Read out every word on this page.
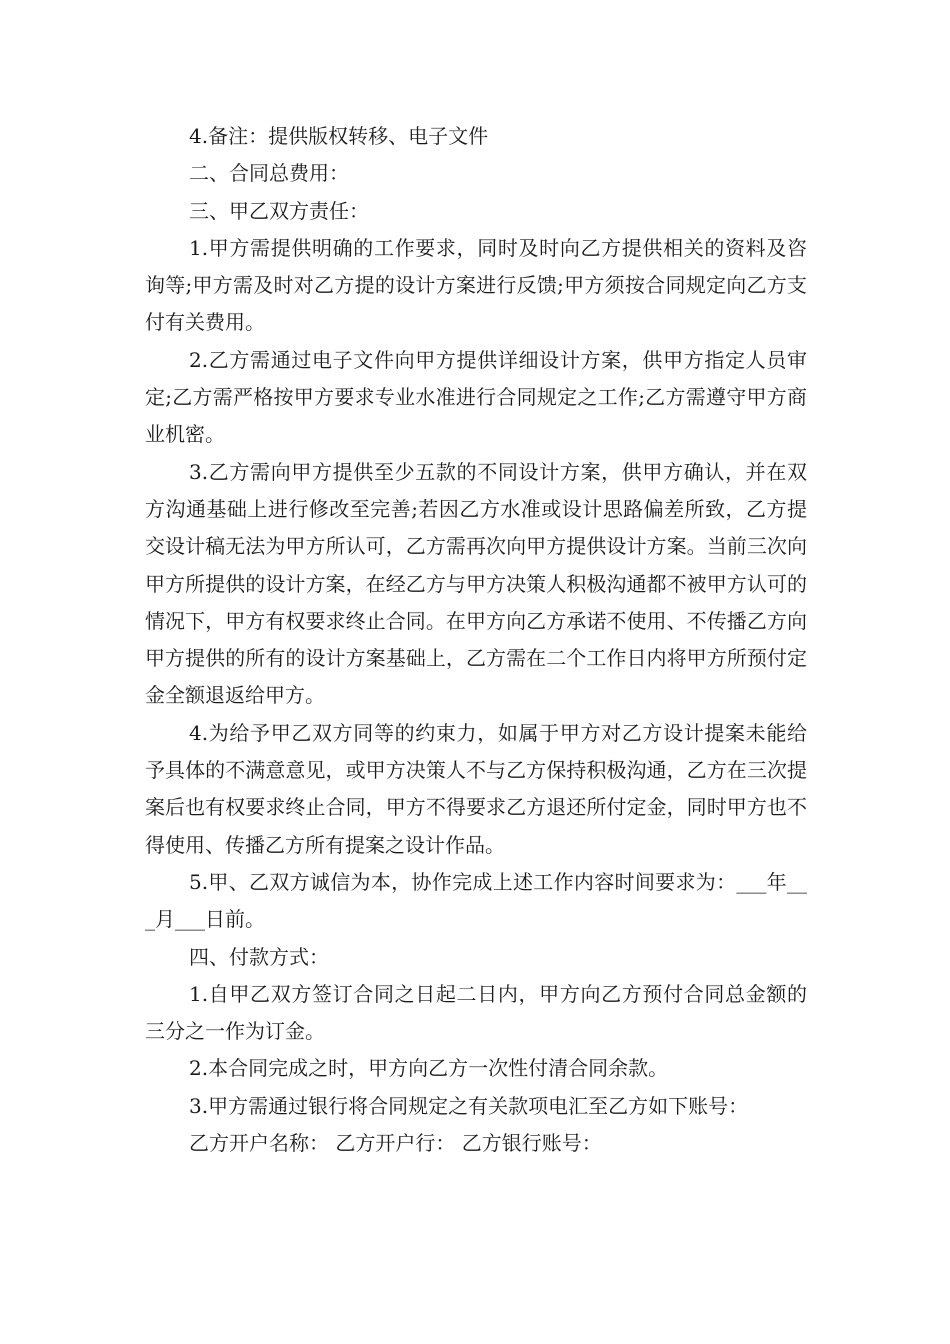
4.备注：提供版权转移、电子文件

二、合同总费用：

三、甲乙双方责任：

1.甲方需提供明确的工作要求，同时及时向乙方提供相关的资料及咨询等;甲方需及时对乙方提的设计方案进行反馈;甲方须按合同规定向乙方支付有关费用。

2.乙方需通过电子文件向甲方提供详细设计方案，供甲方指定人员审定;乙方需严格按甲方要求专业水准进行合同规定之工作;乙方需遵守甲方商业机密。

3.乙方需向甲方提供至少五款的不同设计方案，供甲方确认，并在双方沟通基础上进行修改至完善;若因乙方水准或设计思路偏差所致，乙方提交设计稿无法为甲方所认可，乙方需再次向甲方提供设计方案。当前三次向甲方所提供的设计方案，在经乙方与甲方决策人积极沟通都不被甲方认可的情况下，甲方有权要求终止合同。在甲方向乙方承诺不使用、不传播乙方向甲方提供的所有的设计方案基础上，乙方需在二个工作日内将甲方所预付定金全额退返给甲方。

4.为给予甲乙双方同等的约束力，如属于甲方对乙方设计提案未能给予具体的不满意意见，或甲方决策人不与乙方保持积极沟通，乙方在三次提案后也有权要求终止合同，甲方不得要求乙方退还所付定金，同时甲方也不得使用、传播乙方所有提案之设计作品。

5.甲、乙双方诚信为本，协作完成上述工作内容时间要求为：___年___月___日前。

四、付款方式：

1.自甲乙双方签订合同之日起二日内，甲方向乙方预付合同总金额的三分之一作为订金。

2.本合同完成之时，甲方向乙方一次性付清合同余款。

3.甲方需通过银行将合同规定之有关款项电汇至乙方如下账号：

乙方开户名称： 乙方开户行： 乙方银行账号：
